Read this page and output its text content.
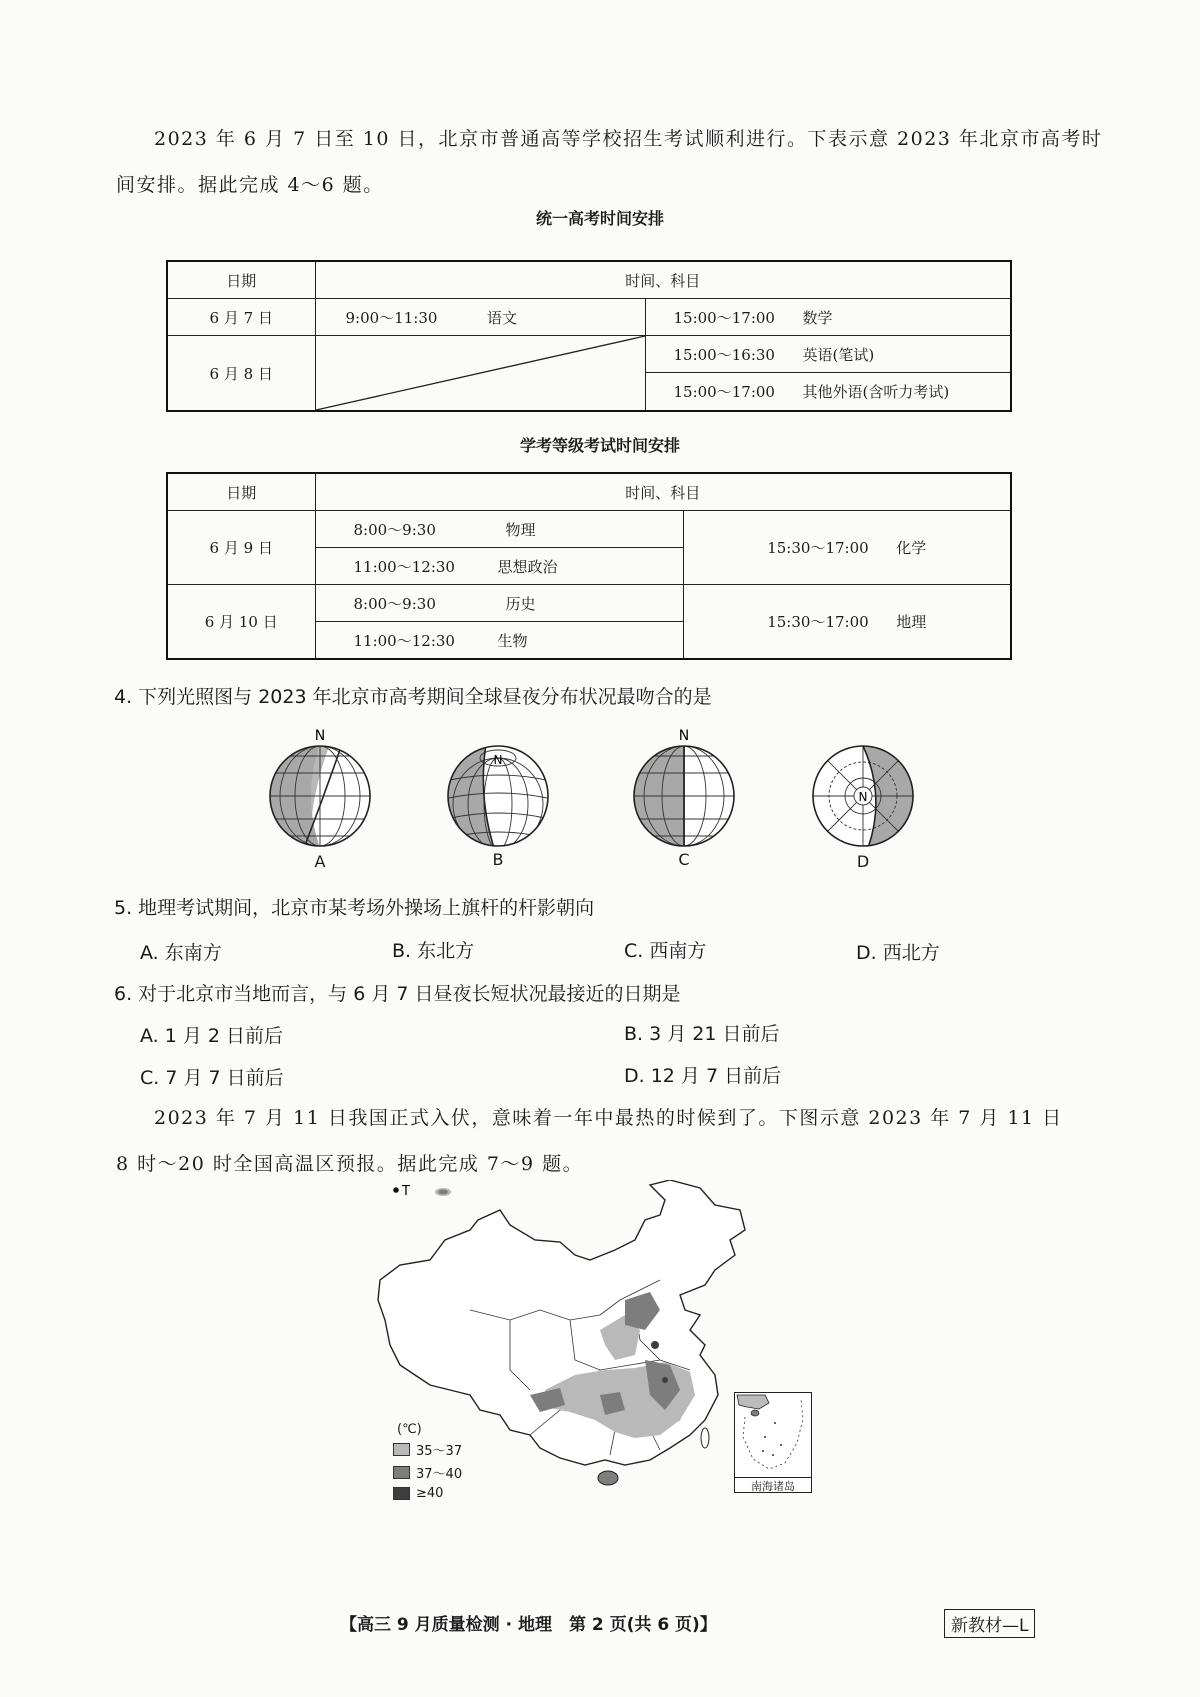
2023 年 6 月 7 日至 10 日，北京市普通高等学校招生考试顺利进行。下表示意 2023 年北京市高考时
间安排。据此完成 4～6 题。
统一高考时间安排
日期	时间、科目	
6 月 7 日	9:00～11:30 语文	15:00～17:00 数学
6 月 8 日		15:00～16:30 英语(笔试)
		15:00～17:00 其他外语(含听力考试)
学考等级考试时间安排
日期	时间、科目	
6 月 9 日	8:00～9:30 物理	15:30～17:00 化学
	11:00～12:30 思想政治	
6 月 10 日	8:00～9:30 历史	15:30～17:00 地理
	11:00～12:30 生物	
4. 下列光照图与 2023 年北京市高考期间全球昼夜分布状况最吻合的是
N
N
N
N
A	B	C	D
5. 地理考试期间，北京市某考场外操场上旗杆的杆影朝向
A. 东南方	B. 东北方	C. 西南方	D. 西北方
6. 对于北京市当地而言，与 6 月 7 日昼夜长短状况最接近的日期是
A. 1 月 2 日前后	B. 3 月 21 日前后
C. 7 月 7 日前后	D. 12 月 7 日前后
2023 年 7 月 11 日我国正式入伏，意味着一年中最热的时候到了。下图示意 2023 年 7 月 11 日
8 时～20 时全国高温区预报。据此完成 7～9 题。
T
(℃)
35～37
37～40
≥40	南海诸岛
【高三 9 月质量检测 · 地理　第 2 页(共 6 页)】	新教材—L
